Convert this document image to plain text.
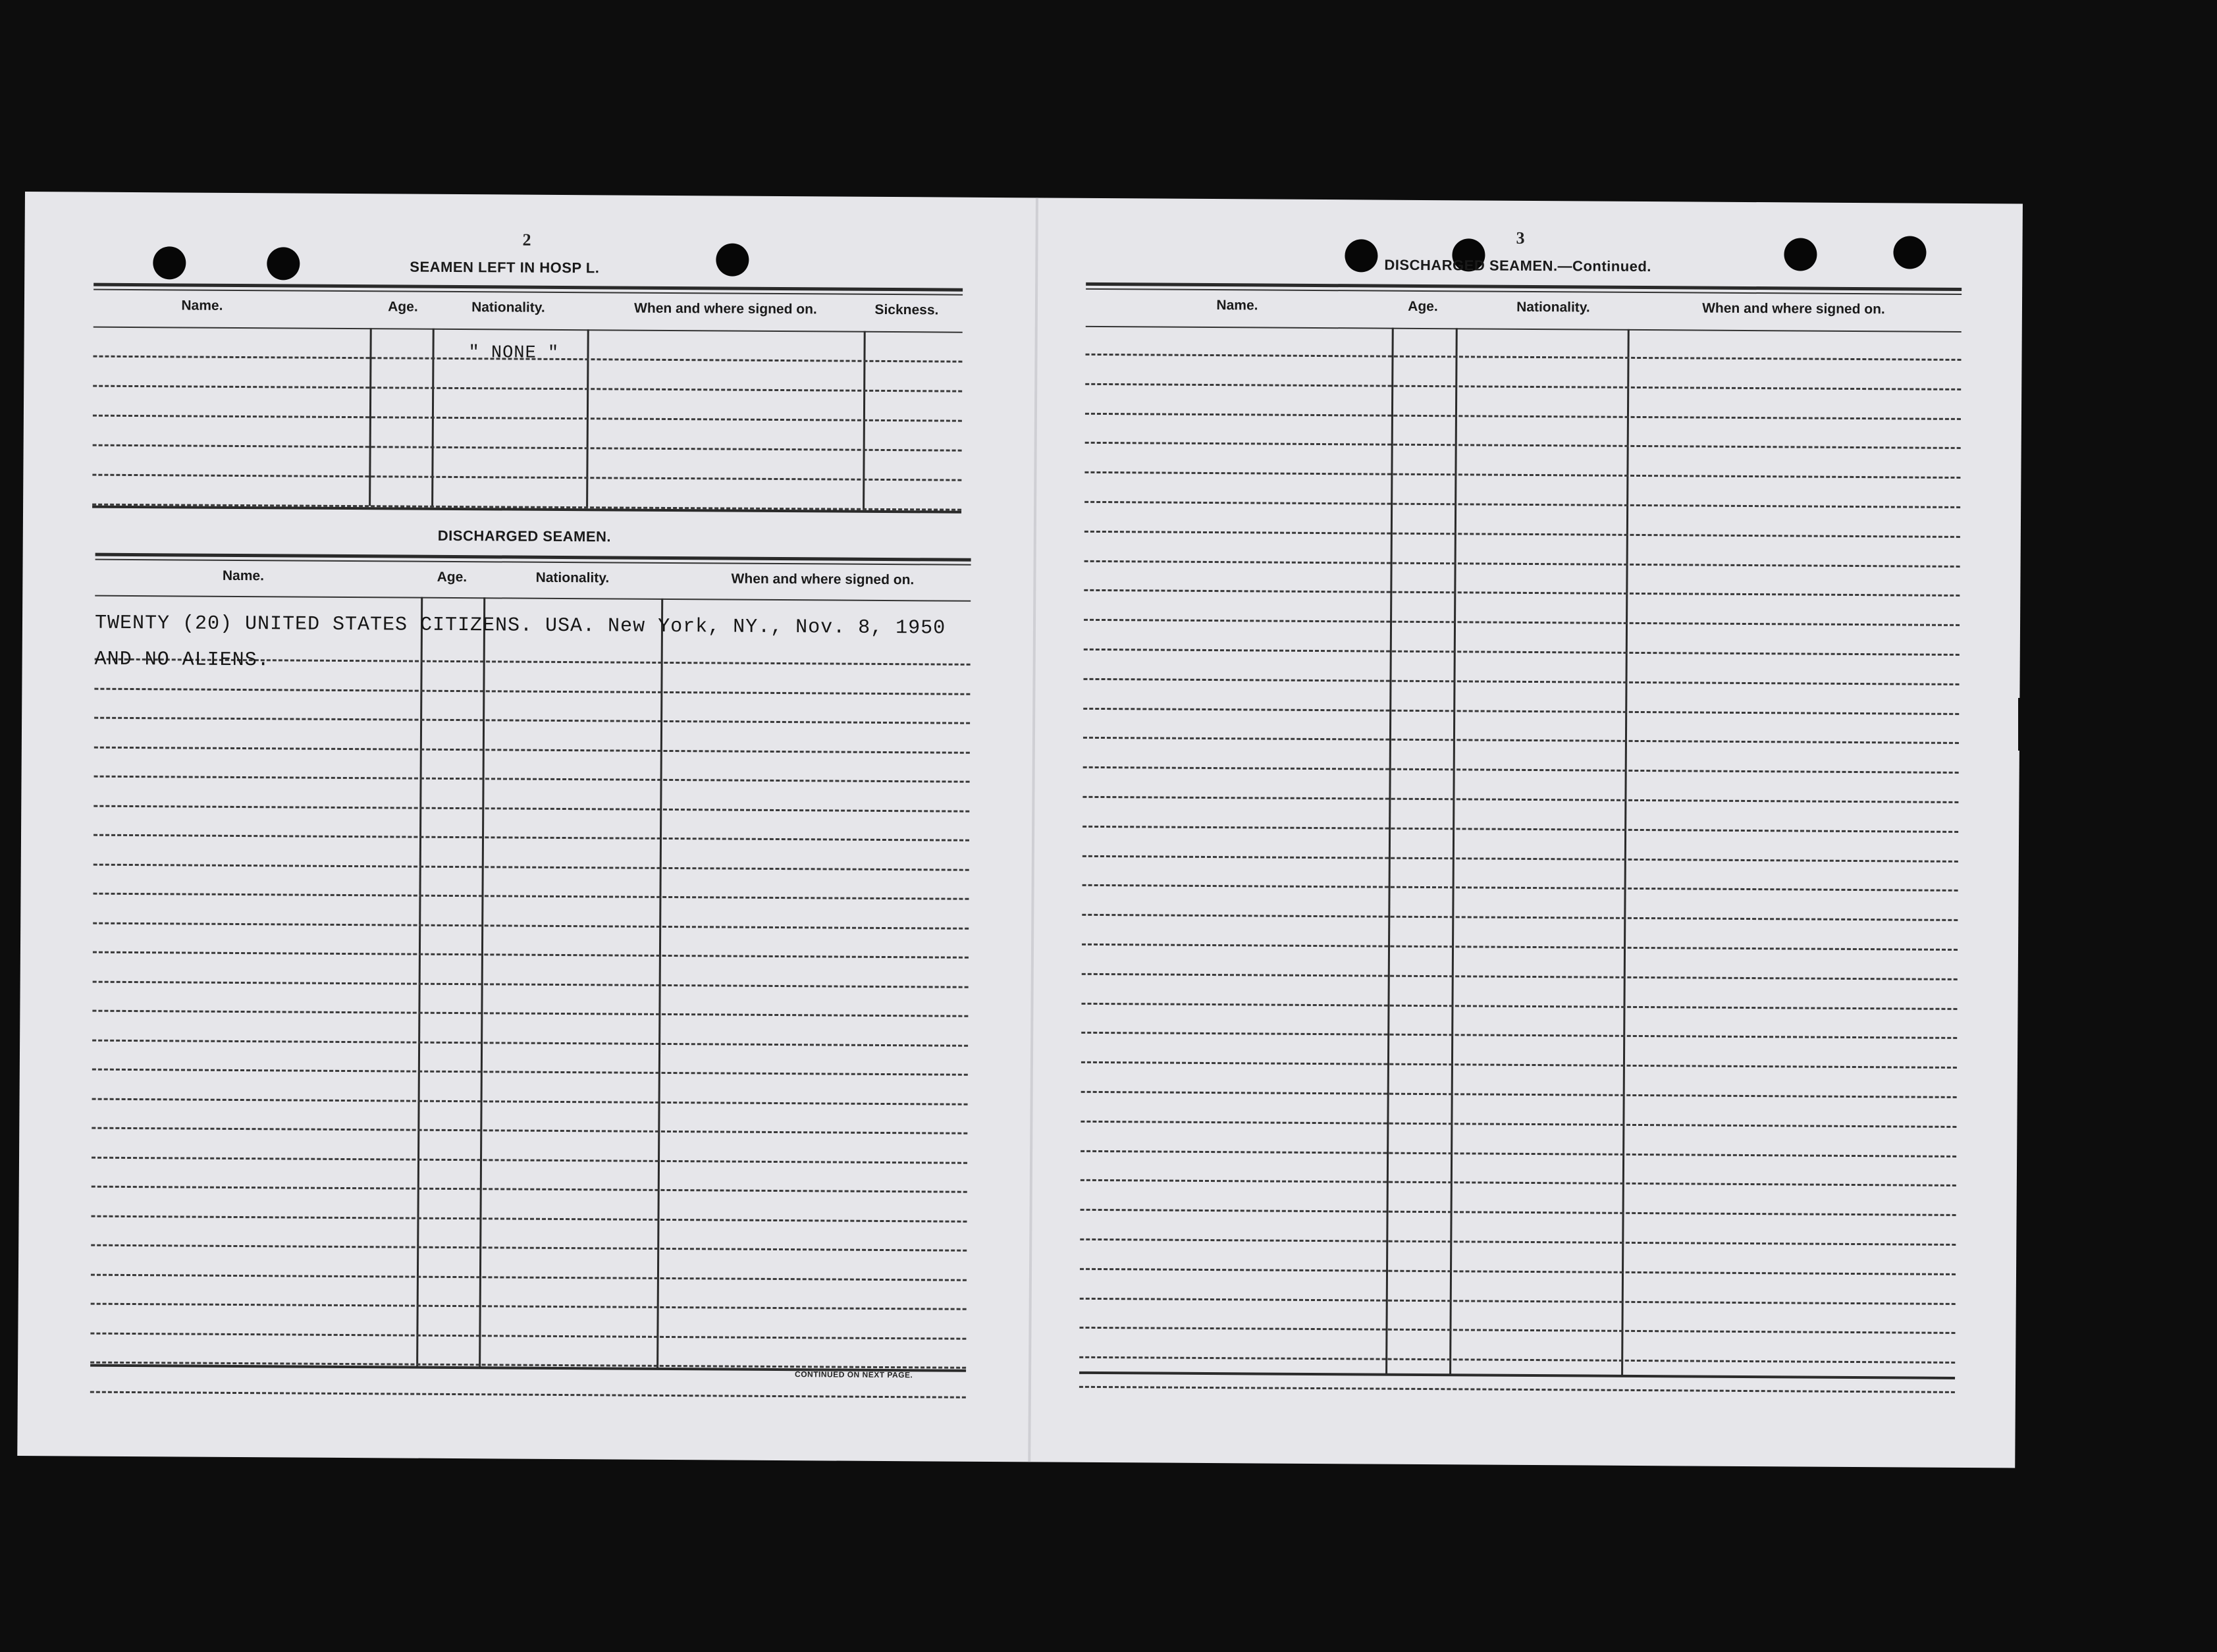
2
SEAMEN LEFT IN HOSP L.
Name.	Age.	Nationality.	When and where signed on.	Sickness.
" NONE "
DISCHARGED SEAMEN.
Name.	Age.	Nationality.	When and where signed on.
TWENTY (20) UNITED STATES CITIZENS. USA. New York, NY., Nov. 8, 1950
AND NO ALIENS.
CONTINUED ON NEXT PAGE.
3
DISCHARGED SEAMEN.—Continued.
Name.	Age.	Nationality.	When and where signed on.
